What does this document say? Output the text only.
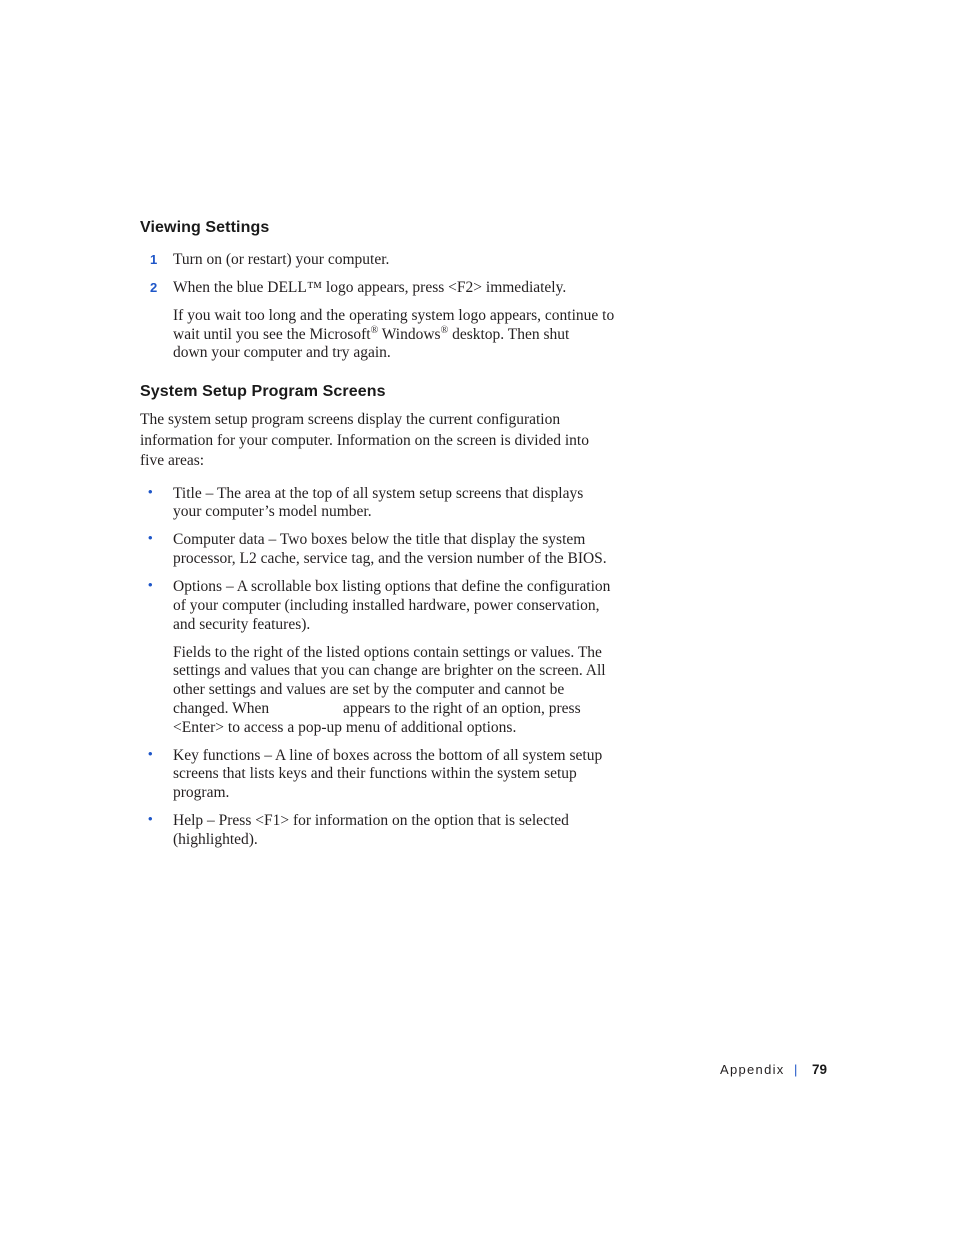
Viewing Settings
1 Turn on (or restart) your computer.
2 When the blue DELL™ logo appears, press <F2> immediately.
If you wait too long and the operating system logo appears, continue to
wait until you see the Microsoft® Windows® desktop. Then shut
down your computer and try again.
System Setup Program Screens
The system setup program screens display the current configuration
information for your computer. Information on the screen is divided into
five areas:
• Title – The area at the top of all system setup screens that displays
your computer’s model number.
• Computer data – Two boxes below the title that display the system
processor, L2 cache, service tag, and the version number of the BIOS.
• Options – A scrollable box listing options that define the configuration
of your computer (including installed hardware, power conservation,
and security features).
Fields to the right of the listed options contain settings or values. The
settings and values that you can change are brighter on the screen. All
other settings and values are set by the computer and cannot be
changed. When	appears to the right of an option, press
<Enter> to access a pop-up menu of additional options.
• Key functions – A line of boxes across the bottom of all system setup
screens that lists keys and their functions within the system setup
program.
• Help – Press <F1> for information on the option that is selected
(highlighted).
Appendix | 79
